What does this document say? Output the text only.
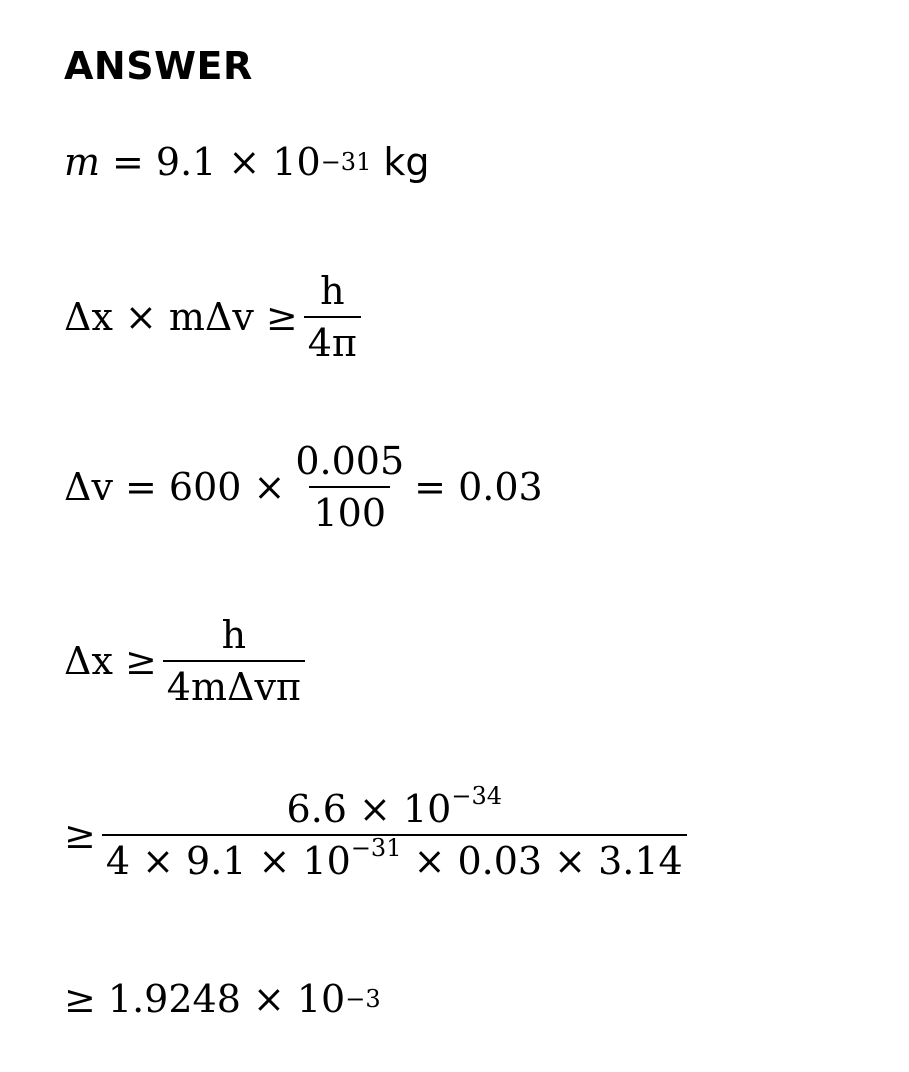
ANSWER
m = 9.1 × 10 −31 kg
$\Delta x \times m\Delta v \ge \frac{h}{4\pi}$
$\Delta v = 600 \times \frac{0.005}{100} = 0.03$
$\Delta x \ge \frac{h}{\text{4mΔvπ}}$
≥ $\frac{6.6 \times 10^{-34}}{4 \times 9.1 \times 10^{-31} \times 0.03 \times 3.14}$
≥ 1.9248 × 10 −3
